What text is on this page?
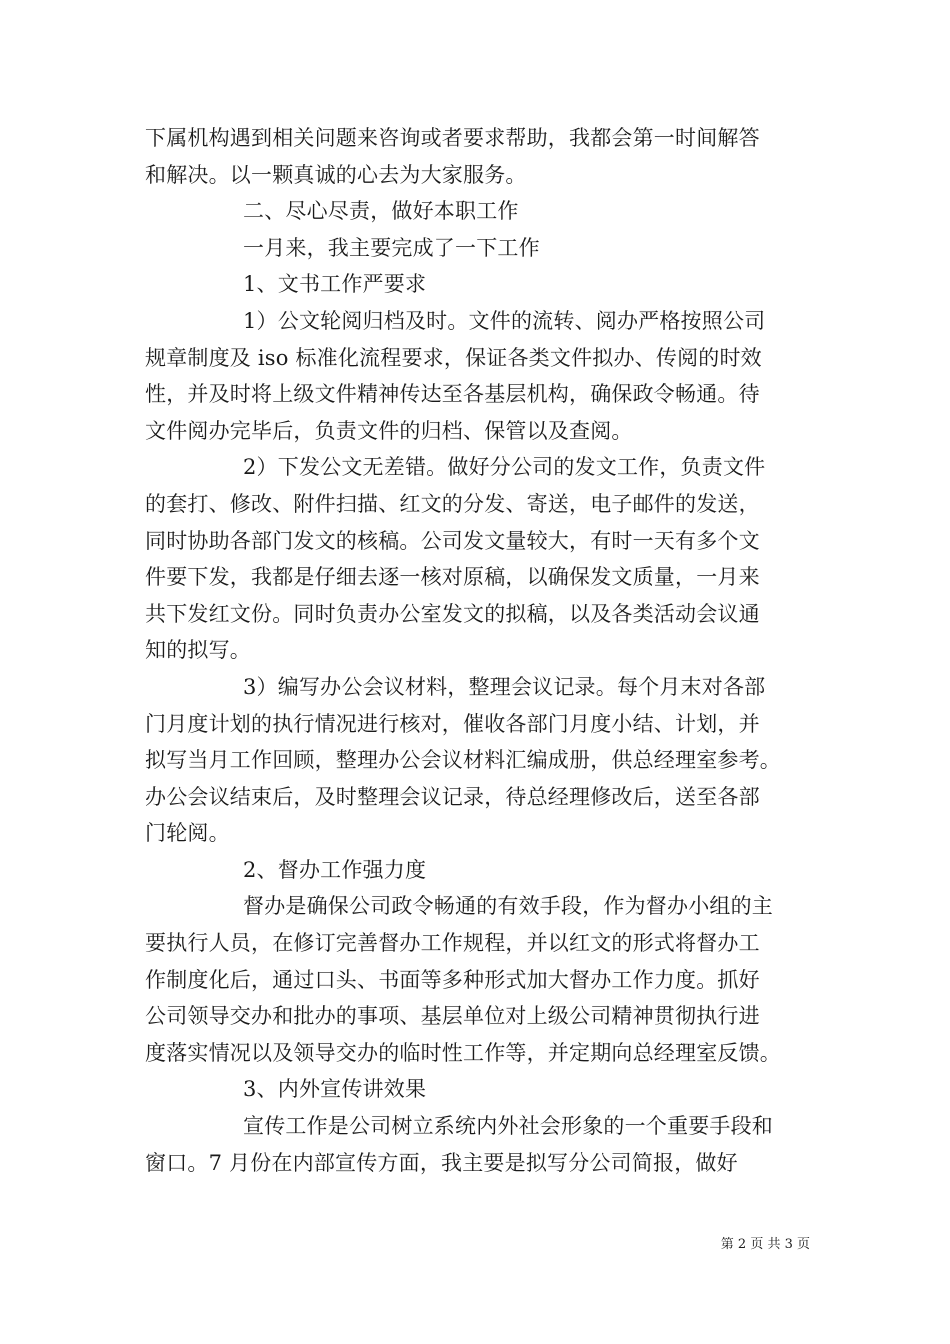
下属机构遇到相关问题来咨询或者要求帮助，我都会第一时间解答

和解决。以一颗真诚的心去为大家服务。

二、尽心尽责，做好本职工作

一月来，我主要完成了一下工作

1、文书工作严要求

1）公文轮阅归档及时。文件的流转、阅办严格按照公司

规章制度及 iso 标准化流程要求，保证各类文件拟办、传阅的时效

性，并及时将上级文件精神传达至各基层机构，确保政令畅通。待

文件阅办完毕后，负责文件的归档、保管以及查阅。

2）下发公文无差错。做好分公司的发文工作，负责文件

的套打、修改、附件扫描、红文的分发、寄送，电子邮件的发送，

同时协助各部门发文的核稿。公司发文量较大，有时一天有多个文

件要下发，我都是仔细去逐一核对原稿，以确保发文质量，一月来

共下发红文份。同时负责办公室发文的拟稿，以及各类活动会议通

知的拟写。

3）编写办公会议材料，整理会议记录。每个月末对各部

门月度计划的执行情况进行核对，催收各部门月度小结、计划，并

拟写当月工作回顾，整理办公会议材料汇编成册，供总经理室参考。

办公会议结束后，及时整理会议记录，待总经理修改后，送至各部

门轮阅。

2、督办工作强力度

督办是确保公司政令畅通的有效手段，作为督办小组的主

要执行人员，在修订完善督办工作规程，并以红文的形式将督办工

作制度化后，通过口头、书面等多种形式加大督办工作力度。抓好

公司领导交办和批办的事项、基层单位对上级公司精神贯彻执行进

度落实情况以及领导交办的临时性工作等，并定期向总经理室反馈。

3、内外宣传讲效果

宣传工作是公司树立系统内外社会形象的一个重要手段和

窗口。7 月份在内部宣传方面，我主要是拟写分公司简报，做好

第 2 页 共 3 页
